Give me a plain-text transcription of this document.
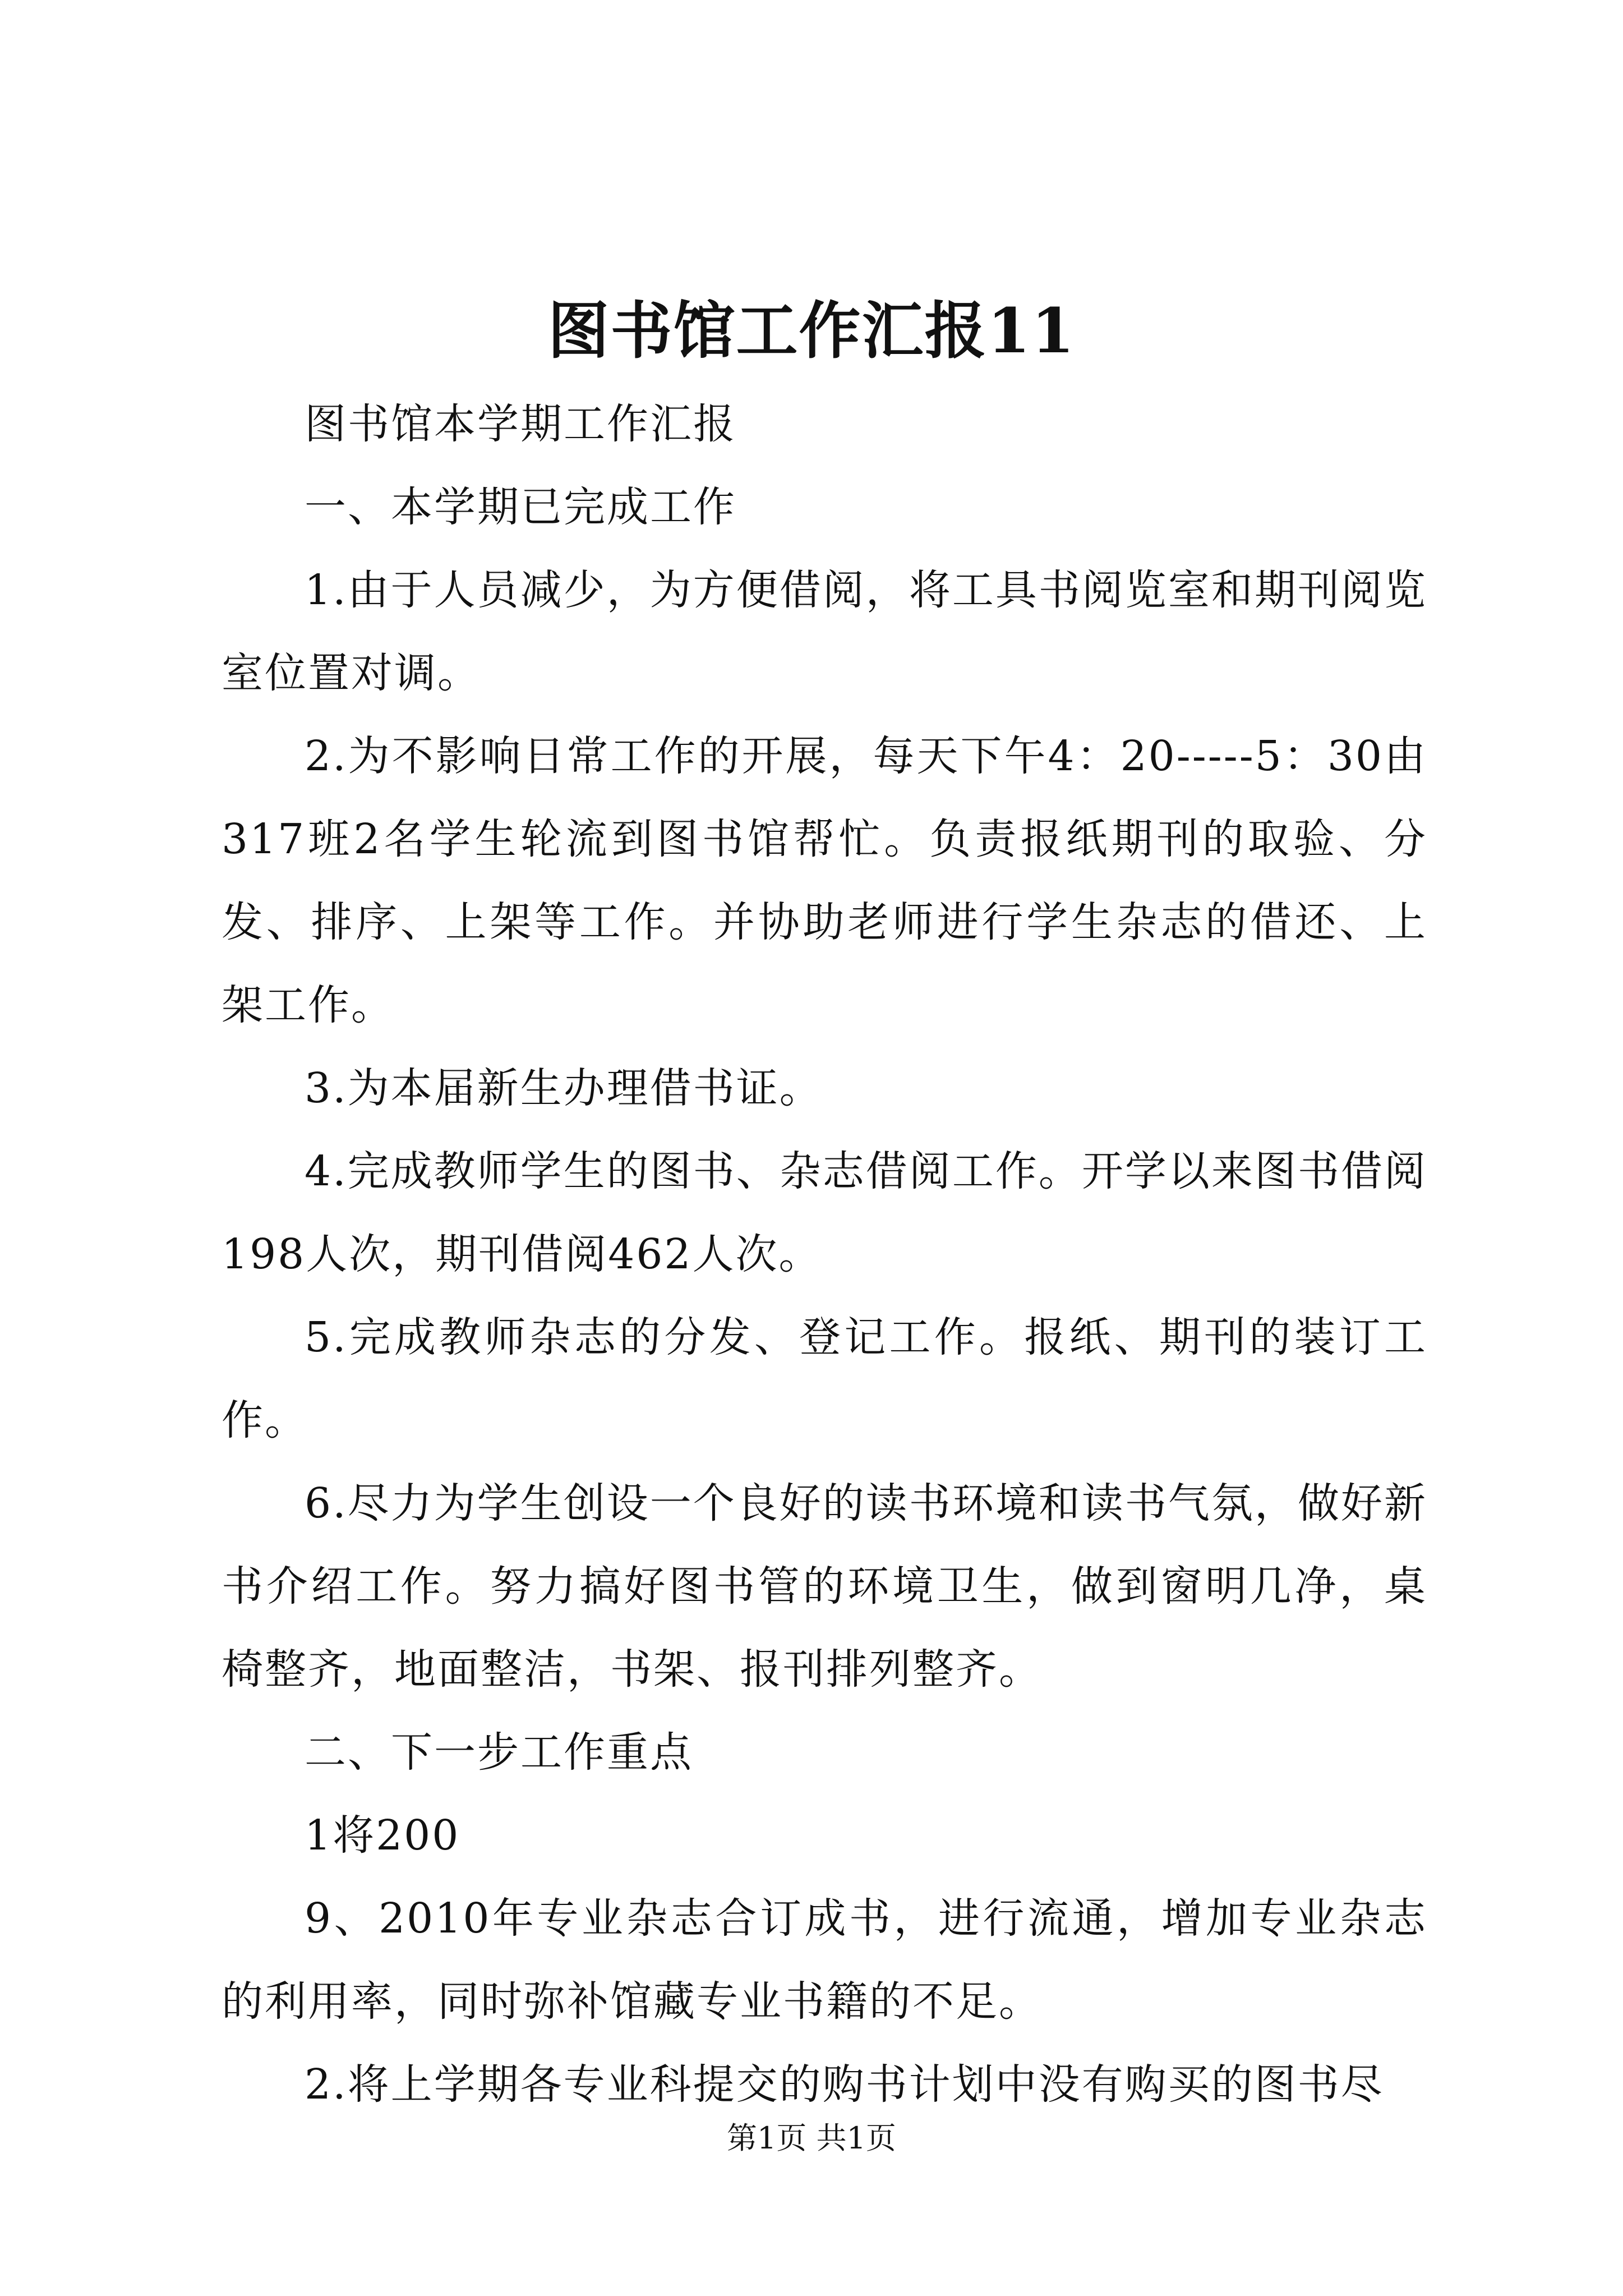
图书馆工作汇报11

图书馆本学期工作汇报

一、本学期已完成工作

1.由于人员减少，为方便借阅，将工具书阅览室和期刊阅览室位置对调。

2.为不影响日常工作的开展，每天下午4：20-----5：30由317班2名学生轮流到图书馆帮忙。负责报纸期刊的取验、分发、排序、上架等工作。并协助老师进行学生杂志的借还、上架工作。

3.为本届新生办理借书证。

4.完成教师学生的图书、杂志借阅工作。开学以来图书借阅198人次，期刊借阅462人次。

5.完成教师杂志的分发、登记工作。报纸、期刊的装订工作。

6.尽力为学生创设一个良好的读书环境和读书气氛，做好新书介绍工作。努力搞好图书管的环境卫生，做到窗明几净，桌椅整齐，地面整洁，书架、报刊排列整齐。

二、下一步工作重点

1将200

9、2010年专业杂志合订成书，进行流通，增加专业杂志的利用率，同时弥补馆藏专业书籍的不足。

2.将上学期各专业科提交的购书计划中没有购买的图书尽

第1页 共1页
